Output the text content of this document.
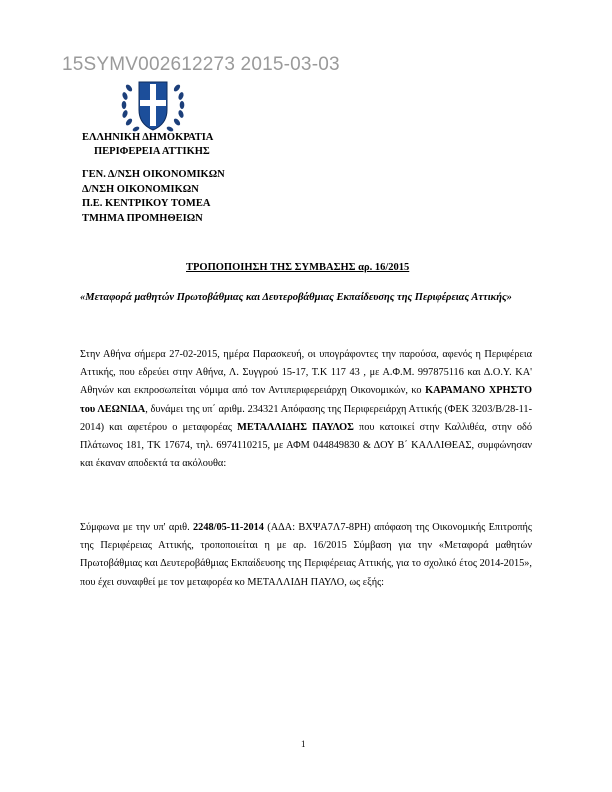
15SYMV002612273 2015-03-03
ΕΛΛΗΝΙΚΗ ΔΗΜΟΚΡΑΤΙΑ
ΠΕΡΙΦΕΡΕΙΑ ΑΤΤΙΚΗΣ
ΓΕΝ. Δ/ΝΣΗ ΟΙΚΟΝΟΜΙΚΩΝ
Δ/ΝΣΗ ΟΙΚΟΝΟΜΙΚΩΝ
Π.Ε. ΚΕΝΤΡΙΚΟΥ ΤΟΜΕΑ
ΤΜΗΜΑ ΠΡΟΜΗΘΕΙΩΝ
ΤΡΟΠΟΠΟΙΗΣΗ ΤΗΣ ΣΥΜΒΑΣΗΣ αρ. 16/2015
«Μεταφορά μαθητών Πρωτοβάθμιας και Δευτεροβάθμιας Εκπαίδευσης της Περιφέρειας Αττικής»
Στην Αθήνα σήμερα 27-02-2015, ημέρα Παρασκευή, οι υπογράφοντες την παρούσα, αφενός η Περιφέρεια Αττικής, που εδρεύει στην Αθήνα, Λ. Συγγρού 15-17, Τ.Κ 117 43 , με Α.Φ.Μ. 997875116 και Δ.Ο.Υ. ΚΑ' Αθηνών και εκπροσωπείται νόμιμα από τον Αντιπεριφερειάρχη Οικονομικών, κο ΚΑΡΑΜΑΝΟ ΧΡΗΣΤΟ του ΛΕΩΝΙΔΑ, δυνάμει της υπ΄ αριθμ. 234321 Απόφασης της Περιφερειάρχη Αττικής (ΦΕΚ 3203/Β/28-11-2014) και αφετέρου ο μεταφορέας ΜΕΤΑΛΛΙΔΗΣ ΠΑΥΛΟΣ που κατοικεί στην Καλλιθέα, στην οδό Πλάτωνος 181, ΤΚ 17674, τηλ. 6974110215, με ΑΦΜ 044849830 & ΔΟΥ Β΄ ΚΑΛΛΙΘΕΑΣ, συμφώνησαν και έκαναν αποδεκτά τα ακόλουθα:
Σύμφωνα με την υπ' αριθ. 2248/05-11-2014 (ΑΔΑ: ΒΧΨΑ7Λ7-8ΡΗ) απόφαση της Οικονομικής Επιτροπής της Περιφέρειας Αττικής, τροποποιείται η με αρ. 16/2015 Σύμβαση για την «Μεταφορά μαθητών Πρωτοβάθμιας και Δευτεροβάθμιας Εκπαίδευσης της Περιφέρειας Αττικής, για το σχολικό έτος 2014-2015», που έχει συναφθεί με τον μεταφορέα κο ΜΕΤΑΛΛΙΔΗ ΠΑΥΛΟ, ως εξής:
1
